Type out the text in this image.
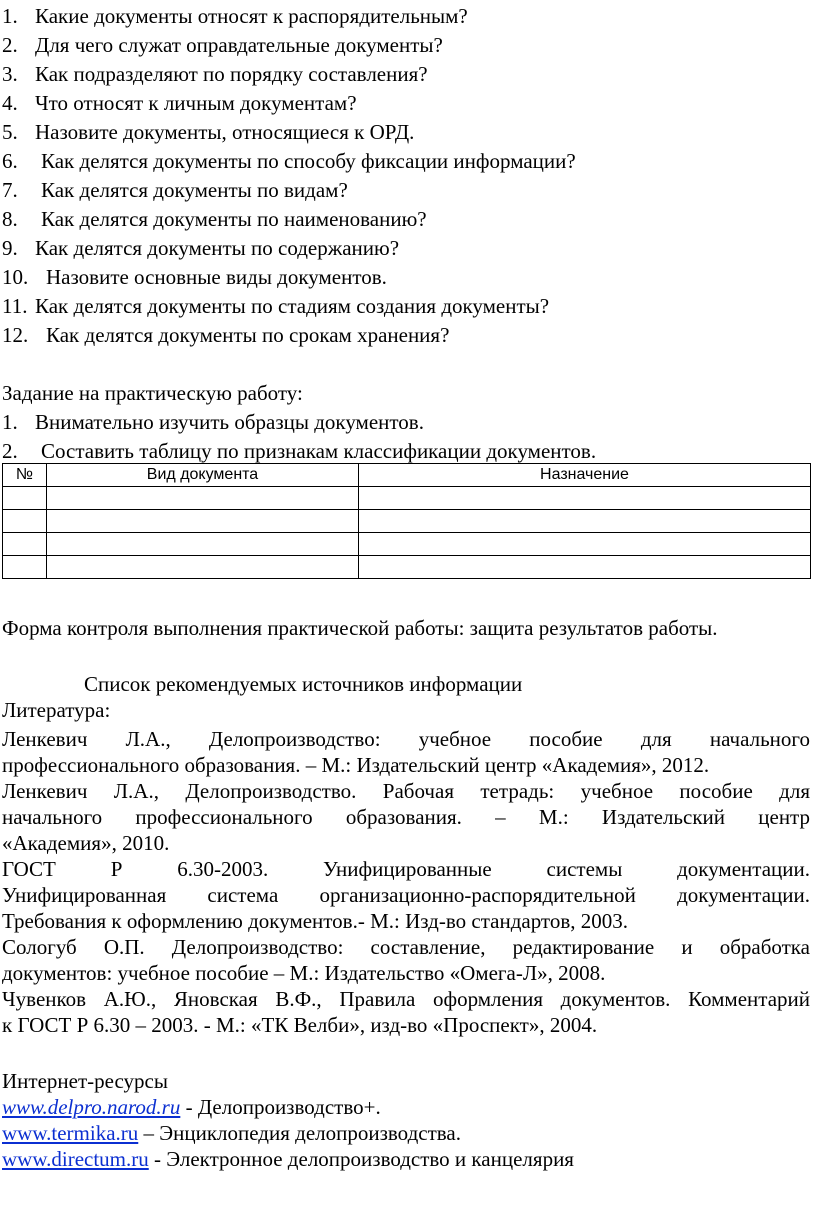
1. Какие документы относят к распорядительным?
2. Для чего служат оправдательные документы?
3. Как подразделяют по порядку составления?
4. Что относят к личным документам?
5. Назовите документы, относящиеся к ОРД.
6. Как делятся документы по способу фиксации информации?
7. Как делятся документы по видам?
8. Как делятся документы по наименованию?
9. Как делятся документы по содержанию?
10. Назовите основные виды документов.
11. Как делятся документы по стадиям создания документы?
12. Как делятся документы по срокам хранения?
Задание на практическую работу:
1. Внимательно изучить образцы документов.
2. Составить таблицу по признакам классификации документов.
№	Вид документа	Назначение

Форма контроля выполнения практической работы: защита результатов работы.
Список рекомендуемых источников информации
Литература:
Ленкевич Л.А., Делопроизводство: учебное пособие для начального
профессионального образования. – М.: Издательский центр «Академия», 2012.
Ленкевич Л.А., Делопроизводство. Рабочая тетрадь: учебное пособие для
начального профессионального образования. – М.: Издательский центр
«Академия», 2010.
ГОСТ Р 6.30-2003. Унифицированные системы документации.
Унифицированная система организационно-распорядительной документации.
Требования к оформлению документов.- М.: Изд-во стандартов, 2003.
Сологуб О.П. Делопроизводство: составление, редактирование и обработка
документов: учебное пособие – М.: Издательство «Омега-Л», 2008.
Чувенков А.Ю., Яновская В.Ф., Правила оформления документов. Комментарий
к ГОСТ Р 6.30 – 2003. - М.: «ТК Велби», изд-во «Проспект», 2004.
Интернет-ресурсы
www.delpro.narod.ru - Делопроизводство+.
www.termika.ru – Энциклопедия делопроизводства.
www.directum.ru - Электронное делопроизводство и канцелярия
